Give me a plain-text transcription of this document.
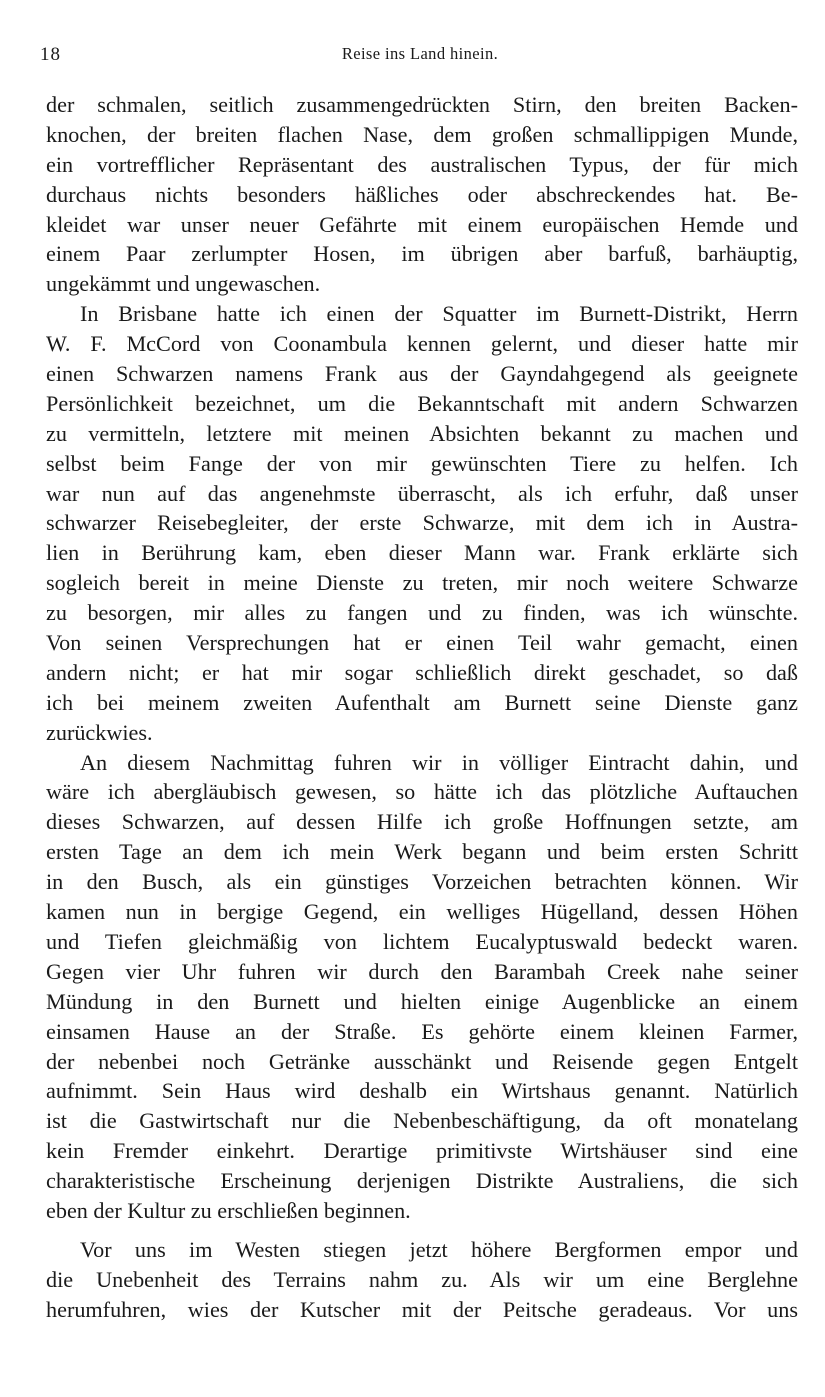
18	Reise ins Land hinein.

der schmalen, seitlich zusammengedrückten Stirn, den breiten Backen-
knochen, der breiten flachen Nase, dem großen schmallippigen Munde,
ein vortrefflicher Repräsentant des australischen Typus, der für mich
durchaus nichts besonders häßliches oder abschreckendes hat. Be-
kleidet war unser neuer Gefährte mit einem europäischen Hemde und
einem Paar zerlumpter Hosen, im übrigen aber barfuß, barhäuptig,
ungekämmt und ungewaschen.

In Brisbane hatte ich einen der Squatter im Burnett-Distrikt, Herrn
W. F. McCord von Coonambula kennen gelernt, und dieser hatte mir
einen Schwarzen namens Frank aus der Gayndahgegend als geeignete
Persönlichkeit bezeichnet, um die Bekanntschaft mit andern Schwarzen
zu vermitteln, letztere mit meinen Absichten bekannt zu machen und
selbst beim Fange der von mir gewünschten Tiere zu helfen. Ich
war nun auf das angenehmste überrascht, als ich erfuhr, daß unser
schwarzer Reisebegleiter, der erste Schwarze, mit dem ich in Austra-
lien in Berührung kam, eben dieser Mann war. Frank erklärte sich
sogleich bereit in meine Dienste zu treten, mir noch weitere Schwarze
zu besorgen, mir alles zu fangen und zu finden, was ich wünschte.
Von seinen Versprechungen hat er einen Teil wahr gemacht, einen
andern nicht; er hat mir sogar schließlich direkt geschadet, so daß
ich bei meinem zweiten Aufenthalt am Burnett seine Dienste ganz
zurückwies.

An diesem Nachmittag fuhren wir in völliger Eintracht dahin, und
wäre ich abergläubisch gewesen, so hätte ich das plötzliche Auftauchen
dieses Schwarzen, auf dessen Hilfe ich große Hoffnungen setzte, am
ersten Tage an dem ich mein Werk begann und beim ersten Schritt
in den Busch, als ein günstiges Vorzeichen betrachten können. Wir
kamen nun in bergige Gegend, ein welliges Hügelland, dessen Höhen
und Tiefen gleichmäßig von lichtem Eucalyptuswald bedeckt waren.
Gegen vier Uhr fuhren wir durch den Barambah Creek nahe seiner
Mündung in den Burnett und hielten einige Augenblicke an einem
einsamen Hause an der Straße. Es gehörte einem kleinen Farmer,
der nebenbei noch Getränke ausschänkt und Reisende gegen Entgelt
aufnimmt. Sein Haus wird deshalb ein Wirtshaus genannt. Natürlich
ist die Gastwirtschaft nur die Nebenbeschäftigung, da oft monatelang
kein Fremder einkehrt. Derartige primitivste Wirtshäuser sind eine
charakteristische Erscheinung derjenigen Distrikte Australiens, die sich
eben der Kultur zu erschließen beginnen.

Vor uns im Westen stiegen jetzt höhere Bergformen empor und
die Unebenheit des Terrains nahm zu. Als wir um eine Berglehne
herumfuhren, wies der Kutscher mit der Peitsche geradeaus. Vor uns
